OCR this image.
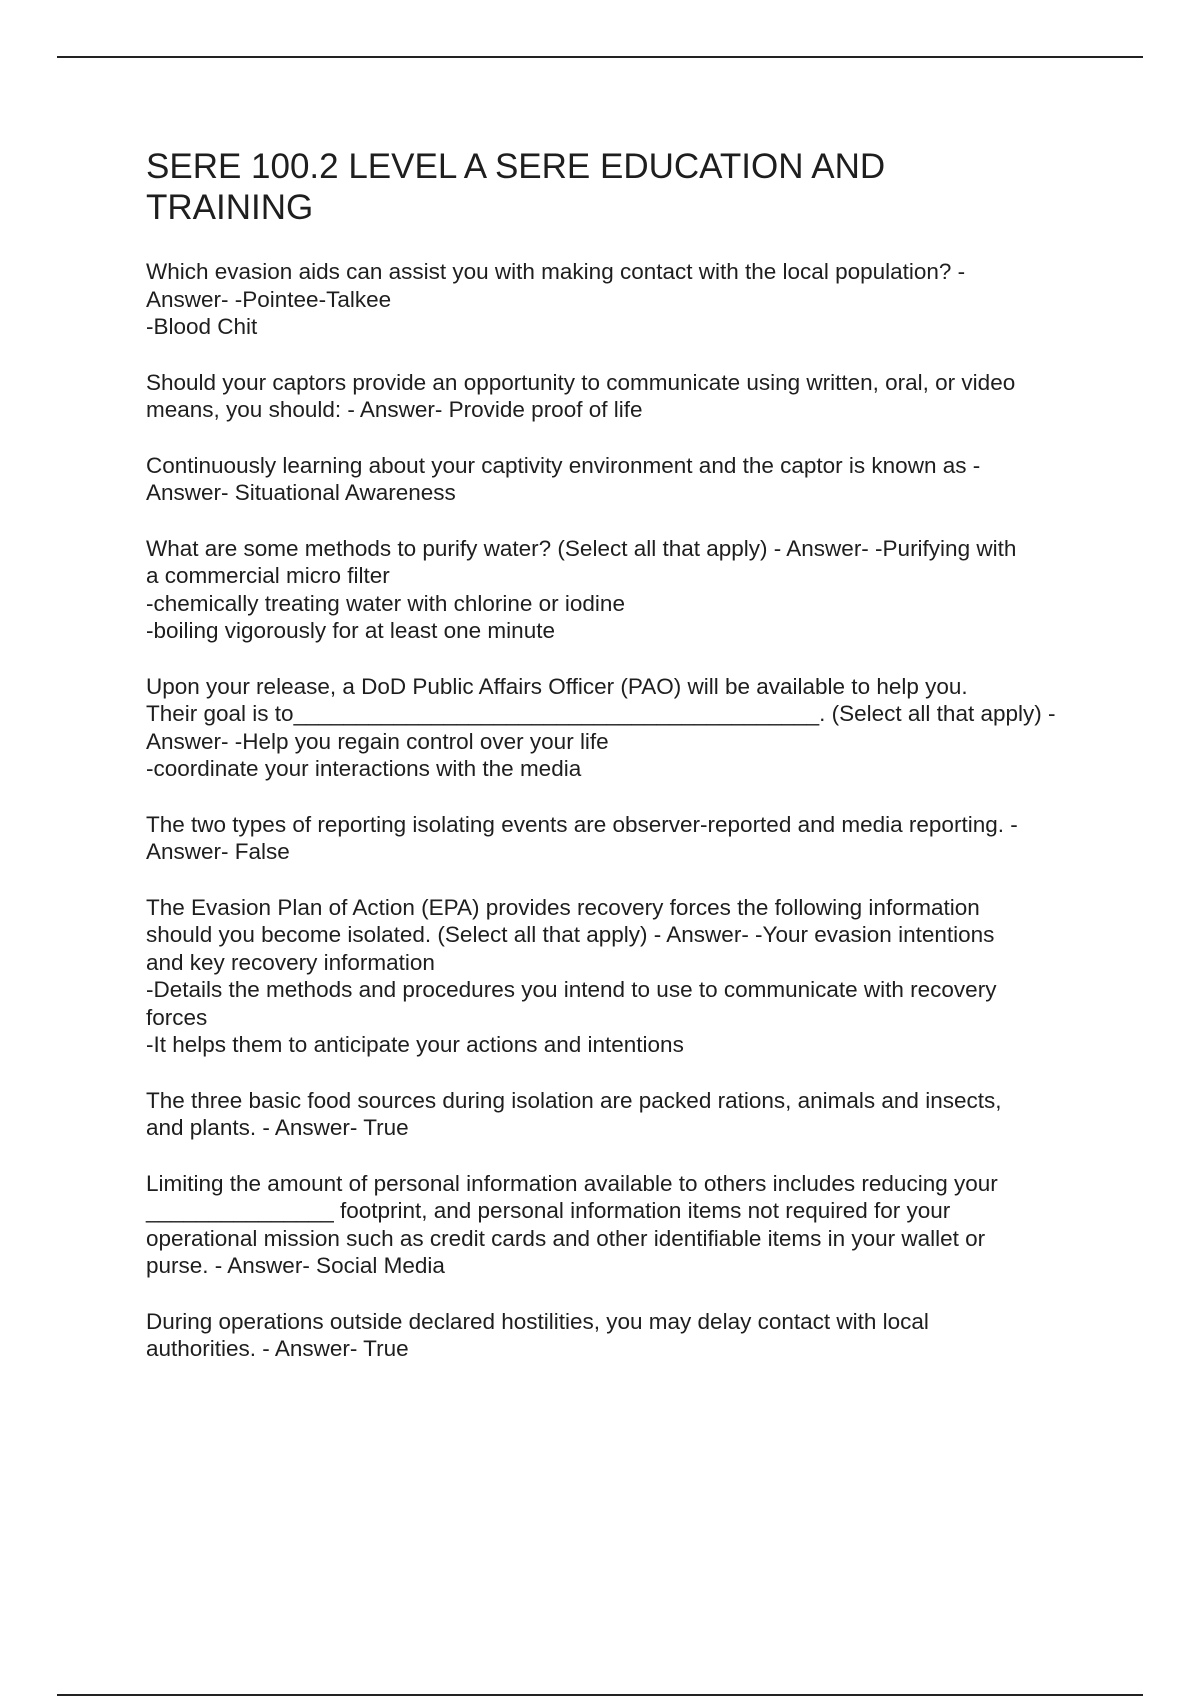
SERE 100.2 LEVEL A SERE EDUCATION AND
TRAINING

Which evasion aids can assist you with making contact with the local population? -
Answer- -Pointee-Talkee
-Blood Chit

Should your captors provide an opportunity to communicate using written, oral, or video
means, you should: - Answer- Provide proof of life

Continuously learning about your captivity environment and the captor is known as -
Answer- Situational Awareness

What are some methods to purify water? (Select all that apply) - Answer- -Purifying with
a commercial micro filter
-chemically treating water with chlorine or iodine
-boiling vigorously for at least one minute

Upon your release, a DoD Public Affairs Officer (PAO) will be available to help you.
Their goal is to__________________________________________. (Select all that apply) -
Answer- -Help you regain control over your life
-coordinate your interactions with the media

The two types of reporting isolating events are observer-reported and media reporting. -
Answer- False

The Evasion Plan of Action (EPA) provides recovery forces the following information
should you become isolated. (Select all that apply) - Answer- -Your evasion intentions
and key recovery information
-Details the methods and procedures you intend to use to communicate with recovery
forces
-It helps them to anticipate your actions and intentions

The three basic food sources during isolation are packed rations, animals and insects,
and plants. - Answer- True

Limiting the amount of personal information available to others includes reducing your
_______________ footprint, and personal information items not required for your
operational mission such as credit cards and other identifiable items in your wallet or
purse. - Answer- Social Media

During operations outside declared hostilities, you may delay contact with local
authorities. - Answer- True
